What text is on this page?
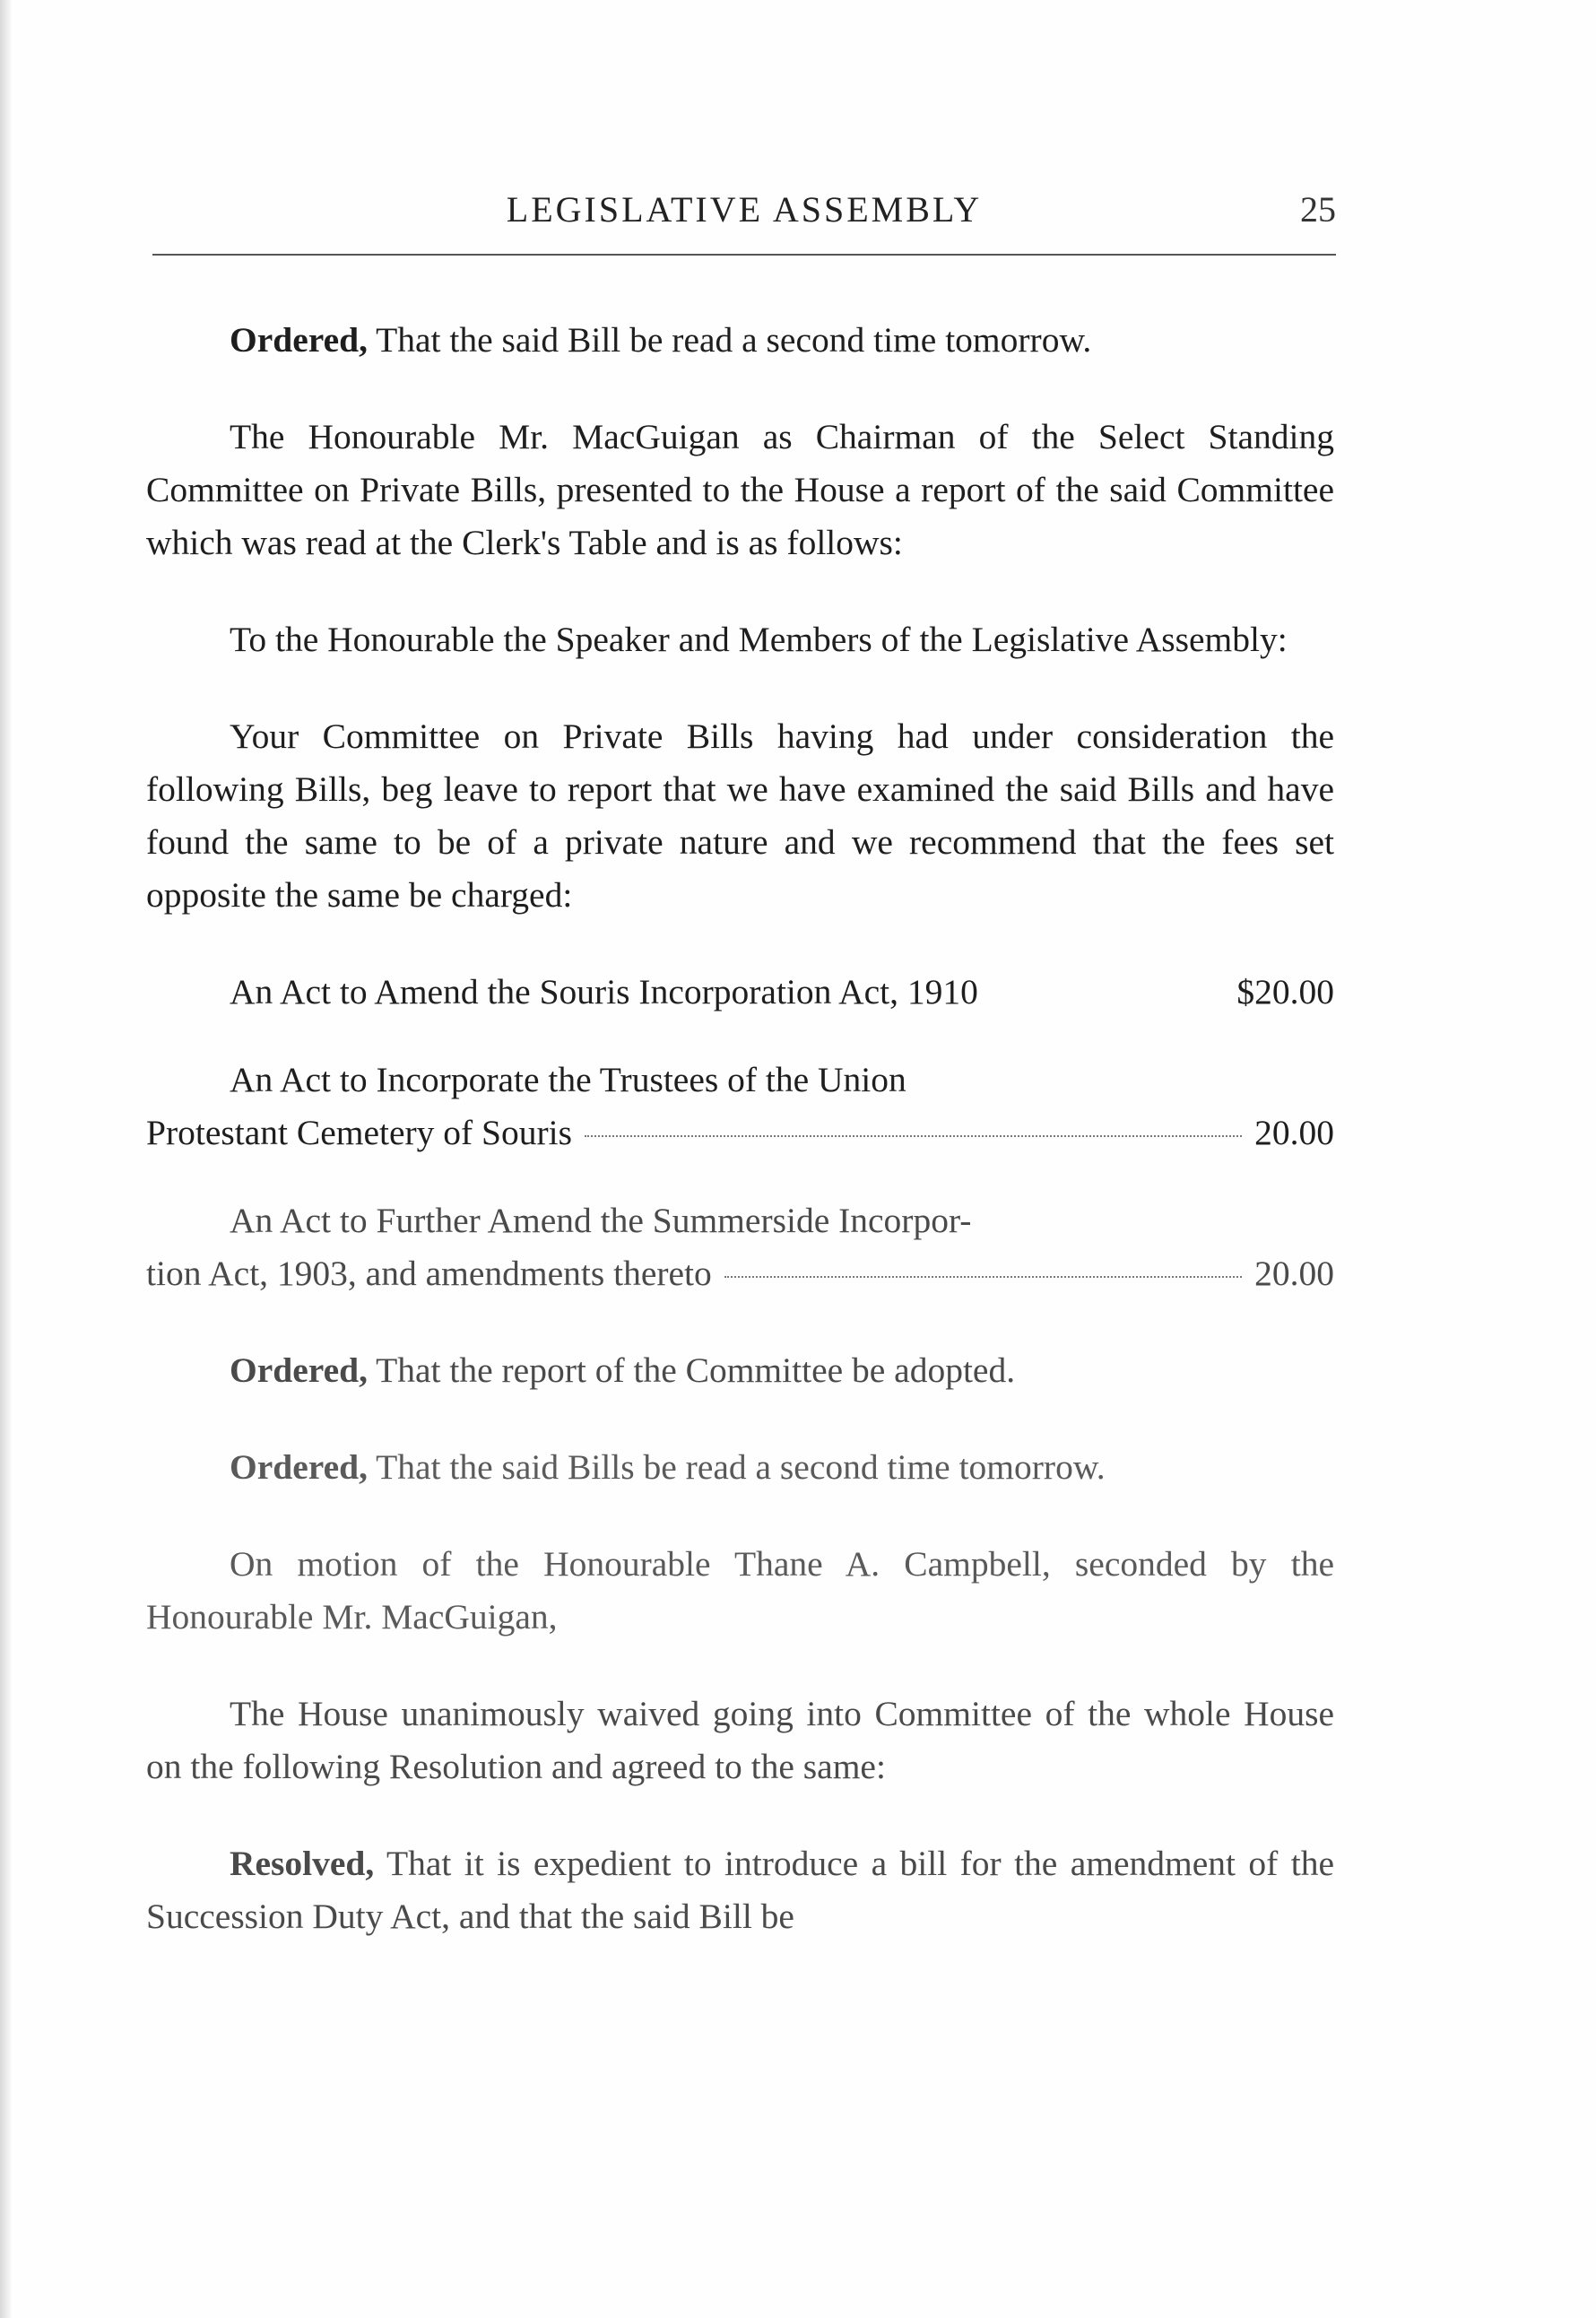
LEGISLATIVE ASSEMBLY	25

Ordered, That the said Bill be read a second time tomorrow.

The Honourable Mr. MacGuigan as Chairman of the Select Standing Committee on Private Bills, presented to the House a report of the said Committee which was read at the Clerk's Table and is as follows:

To the Honourable the Speaker and Members of the Legislative Assembly:

Your Committee on Private Bills having had under consideration the following Bills, beg leave to report that we have examined the said Bills and have found the same to be of a private nature and we recommend that the fees set opposite the same be charged:

An Act to Amend the Souris Incorporation Act, 1910	$20.00

An Act to Incorporate the Trustees of the Union

Protestant Cemetery of Souris	20.00

An Act to Further Amend the Summerside Incorpor-

tion Act, 1903, and amendments thereto	20.00

Ordered, That the report of the Committee be adopted.

Ordered, That the said Bills be read a second time tomorrow.

On motion of the Honourable Thane A. Campbell, seconded by the Honourable Mr. MacGuigan,

The House unanimously waived going into Committee of the whole House on the following Resolution and agreed to the same:

Resolved, That it is expedient to introduce a bill for the amendment of the Succession Duty Act, and that the said Bill be
